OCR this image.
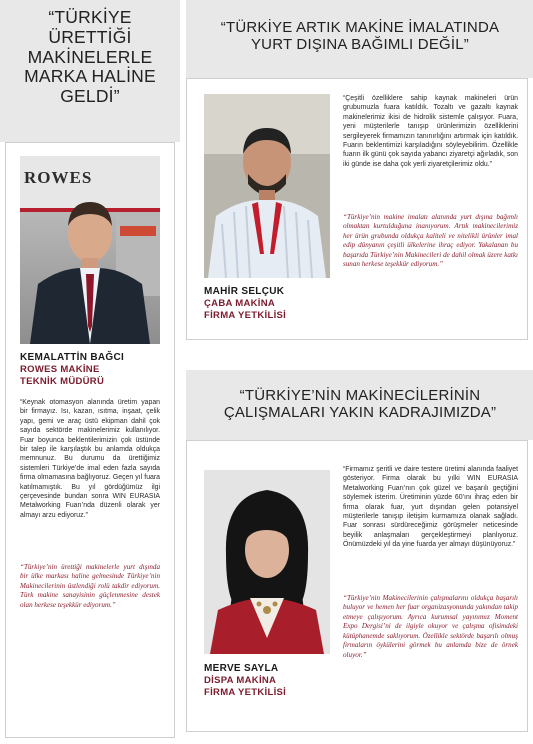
“TÜRKİYE
ÜRETTİĞİ
MAKİNELERLE
MARKA HALİNE
GELDİ”
ROWES
KEMALATTİN BAĞCI
ROWES MAKİNE
TEKNİK MÜDÜRÜ
“Keynak otomasyon alanında üretim yapan bir firmayız. Isı, kazan, ısıtma, inşaat, çelik yapı, gemi ve araç üstü ekipman dahil çok sayıda sektörde makinelerimiz kullanılıyor. Fuar boyunca beklentilerimizin çok üstünde bir talep ile karşılaştık bu anlamda oldukça memnunuz. Bu durumu da ürettiğimiz sistemleri Türkiye’de imal eden fazla sayıda firma olmamasına bağlıyoruz. Geçen yıl fuara katılmamıştık. Bu yıl gördüğümüz ilgi çerçevesinde bundan sonra WIN EURASIA Metalworking Fuarı’nda düzenli olarak yer almayı arzu ediyoruz.”
“Türkiye’nin ürettiği makinelerle yurt dışında bir ülke markası haline gelmesinde Türkiye’nin Makinecilerinin üstlendiği rolü takdir ediyorum. Türk makine sanayisinin güçlenmesine destek olan herkese teşekkür ediyorum.”
“TÜRKİYE ARTIK MAKİNE İMALATINDA
YURT DIŞINA BAĞIMLI DEĞİL”
MAHİR SELÇUK
ÇABA MAKİNA
FİRMA YETKİLİSİ
“Çeşitli özelliklere sahip kaynak makineleri ürün grubumuzla fuara katıldık. Tozaltı ve gazaltı kaynak makinelerimiz ikisi de hidrolik sistemle çalışıyor. Fuara, yeni müşterilerle tanışıp ürünlerimizin özelliklerini sergileyerek firmamızın tanınırlığını artırmak için katıldık. Fuarın beklentimizi karşıladığını söyleyebilirim. Özellikle fuarın ilk günü çok sayıda yabancı ziyaretçi ağırladık, son iki günde ise daha çok yerli ziyaretçilerimiz oldu.”
“Türkiye’nin makine imalatı alanında yurt dışına bağımlı olmaktan kurtulduğuna inanıyorum. Artık makinecilerimiz her ürün grubunda oldukça kaliteli ve nitelikli ürünler imal edip dünyanın çeşitli ülkelerine ihraç ediyor. Yakalanan bu başarıda Türkiye’nin Makinecileri de dahil olmak üzere katkı sunan herkese teşekkür ediyorum.”
“TÜRKİYE’NİN MAKİNECİLERİNİN
ÇALIŞMALARI YAKIN KADRAJIMIZDA”
MERVE SAYLA
DİSPA MAKİNA
FİRMA YETKİLİSİ
“Firmamız şeritli ve daire testere üretimi alanında faaliyet gösteriyor. Firma olarak bu yılki WIN EURASIA Metalworking Fuarı’nın çok güzel ve başarılı geçtiğini söylemek isterim. Üretiminin yüzde 60’ını ihraç eden bir firma olarak fuar, yurt dışından gelen potansiyel müşterilerle tanışıp iletişim kurmamıza olanak sağladı. Fuar sonrası sürdüreceğimiz görüşmeler neticesinde beyilik anlaşmaları gerçekleştirmeyi planlıyoruz. Önümüzdeki yıl da yine fuarda yer almayı düşünüyoruz.”
“Türkiye’nin Makinecilerinin çalışmalarını oldukça başarılı buluyor ve hemen her fuar organizasyonunda yakından takip etmeye çalışıyorum. Ayrıca kurumsal yayınımız Moment Expo Dergisi’ni de ilgiyle okuyor ve çalışma ofisimdeki kütüphanemde saklıyorum. Özellikle sektörde başarılı olmuş firmaların öykülerini görmek bu anlamda bize de örnek oluyor.”
